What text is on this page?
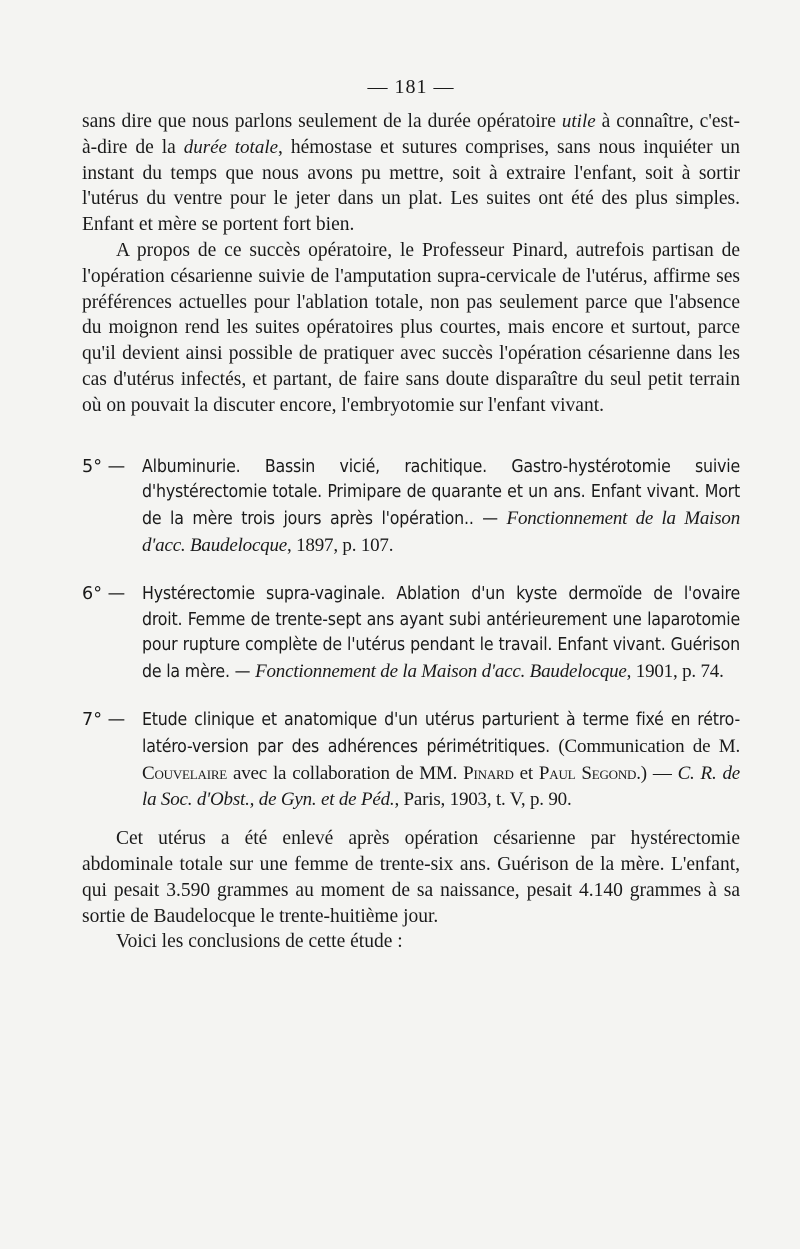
— 181 —

sans dire que nous parlons seulement de la durée opératoire utile à connaître, c'est-à-dire de la durée totale, hémostase et sutures comprises, sans nous inquiéter un instant du temps que nous avons pu mettre, soit à extraire l'enfant, soit à sortir l'utérus du ventre pour le jeter dans un plat. Les suites ont été des plus simples. Enfant et mère se portent fort bien.

A propos de ce succès opératoire, le Professeur Pinard, autrefois partisan de l'opération césarienne suivie de l'amputation supra-cervicale de l'utérus, affirme ses préférences actuelles pour l'ablation totale, non pas seulement parce que l'absence du moignon rend les suites opératoires plus courtes, mais encore et surtout, parce qu'il devient ainsi possible de pratiquer avec succès l'opération césarienne dans les cas d'utérus infectés, et partant, de faire sans doute disparaître du seul petit terrain où on pouvait la discuter encore, l'embryotomie sur l'enfant vivant.

5° — Albuminurie. Bassin vicié, rachitique. Gastro-hystérotomie suivie d'hystérectomie totale. Primipare de quarante et un ans. Enfant vivant. Mort de la mère trois jours après l'opération.. — Fonctionnement de la Maison d'acc. Baudelocque, 1897, p. 107.
6° — Hystérectomie supra-vaginale. Ablation d'un kyste dermoïde de l'ovaire droit. Femme de trente-sept ans ayant subi antérieurement une laparotomie pour rupture complète de l'utérus pendant le travail. Enfant vivant. Guérison de la mère. — Fonctionnement de la Maison d'acc. Baudelocque, 1901, p. 74.
7° — Etude clinique et anatomique d'un utérus parturient à terme fixé en rétro-latéro-version par des adhérences périmétritiques. (Communication de M. Couvelaire avec la collaboration de MM. Pinard et Paul Segond.) — C. R. de la Soc. d'Obst., de Gyn. et de Péd., Paris, 1903, t. V, p. 90.

Cet utérus a été enlevé après opération césarienne par hystérectomie abdominale totale sur une femme de trente-six ans. Guérison de la mère. L'enfant, qui pesait 3.590 grammes au moment de sa naissance, pesait 4.140 grammes à sa sortie de Baudelocque le trente-huitième jour.

Voici les conclusions de cette étude :
